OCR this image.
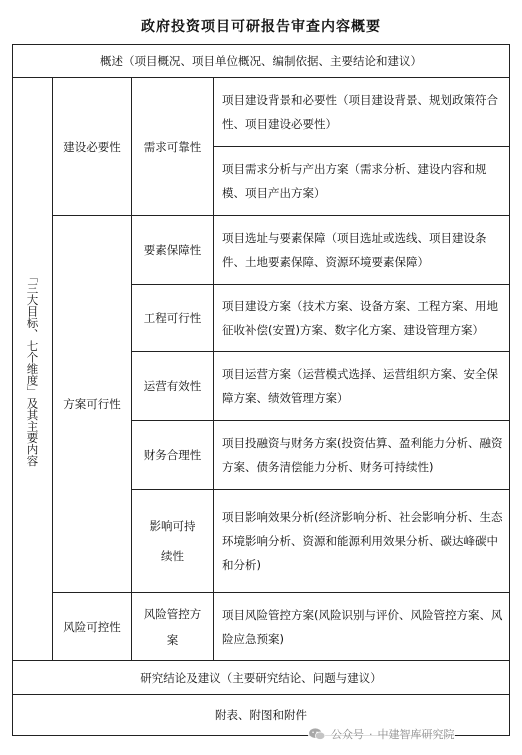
政府投资项目可研报告审查内容概要
概述（项目概况、项目单位概况、编制依据、主要结论和建议）
「三大目标、七个维度」及其主要内容
建设必要性
方案可行性
风险可控性
需求可靠性
要素保障性
工程可行性
运营有效性
财务合理性
影响可持续性
风险管控方案
项目建设背景和必要性（项目建设背景、规划政策符合性、项目建设必要性）
项目需求分析与产出方案（需求分析、建设内容和规模、项目产出方案）
项目选址与要素保障（项目选址或选线、项目建设条件、土地要素保障、资源环境要素保障）
项目建设方案（技术方案、设备方案、工程方案、用地征收补偿(安置)方案、数字化方案、建设管理方案）
项目运营方案（运营模式选择、运营组织方案、安全保障方案、绩效管理方案）
项目投融资与财务方案(投资估算、盈利能力分析、融资方案、债务清偿能力分析、财务可持续性)
项目影响效果分析(经济影响分析、社会影响分析、生态环境影响分析、资源和能源利用效果分析、碳达峰碳中和分析)
项目风险管控方案(风险识别与评价、风险管控方案、风险应急预案)
研究结论及建议（主要研究结论、问题与建议）
附表、附图和附件
公众号 · 中建智库研究院
